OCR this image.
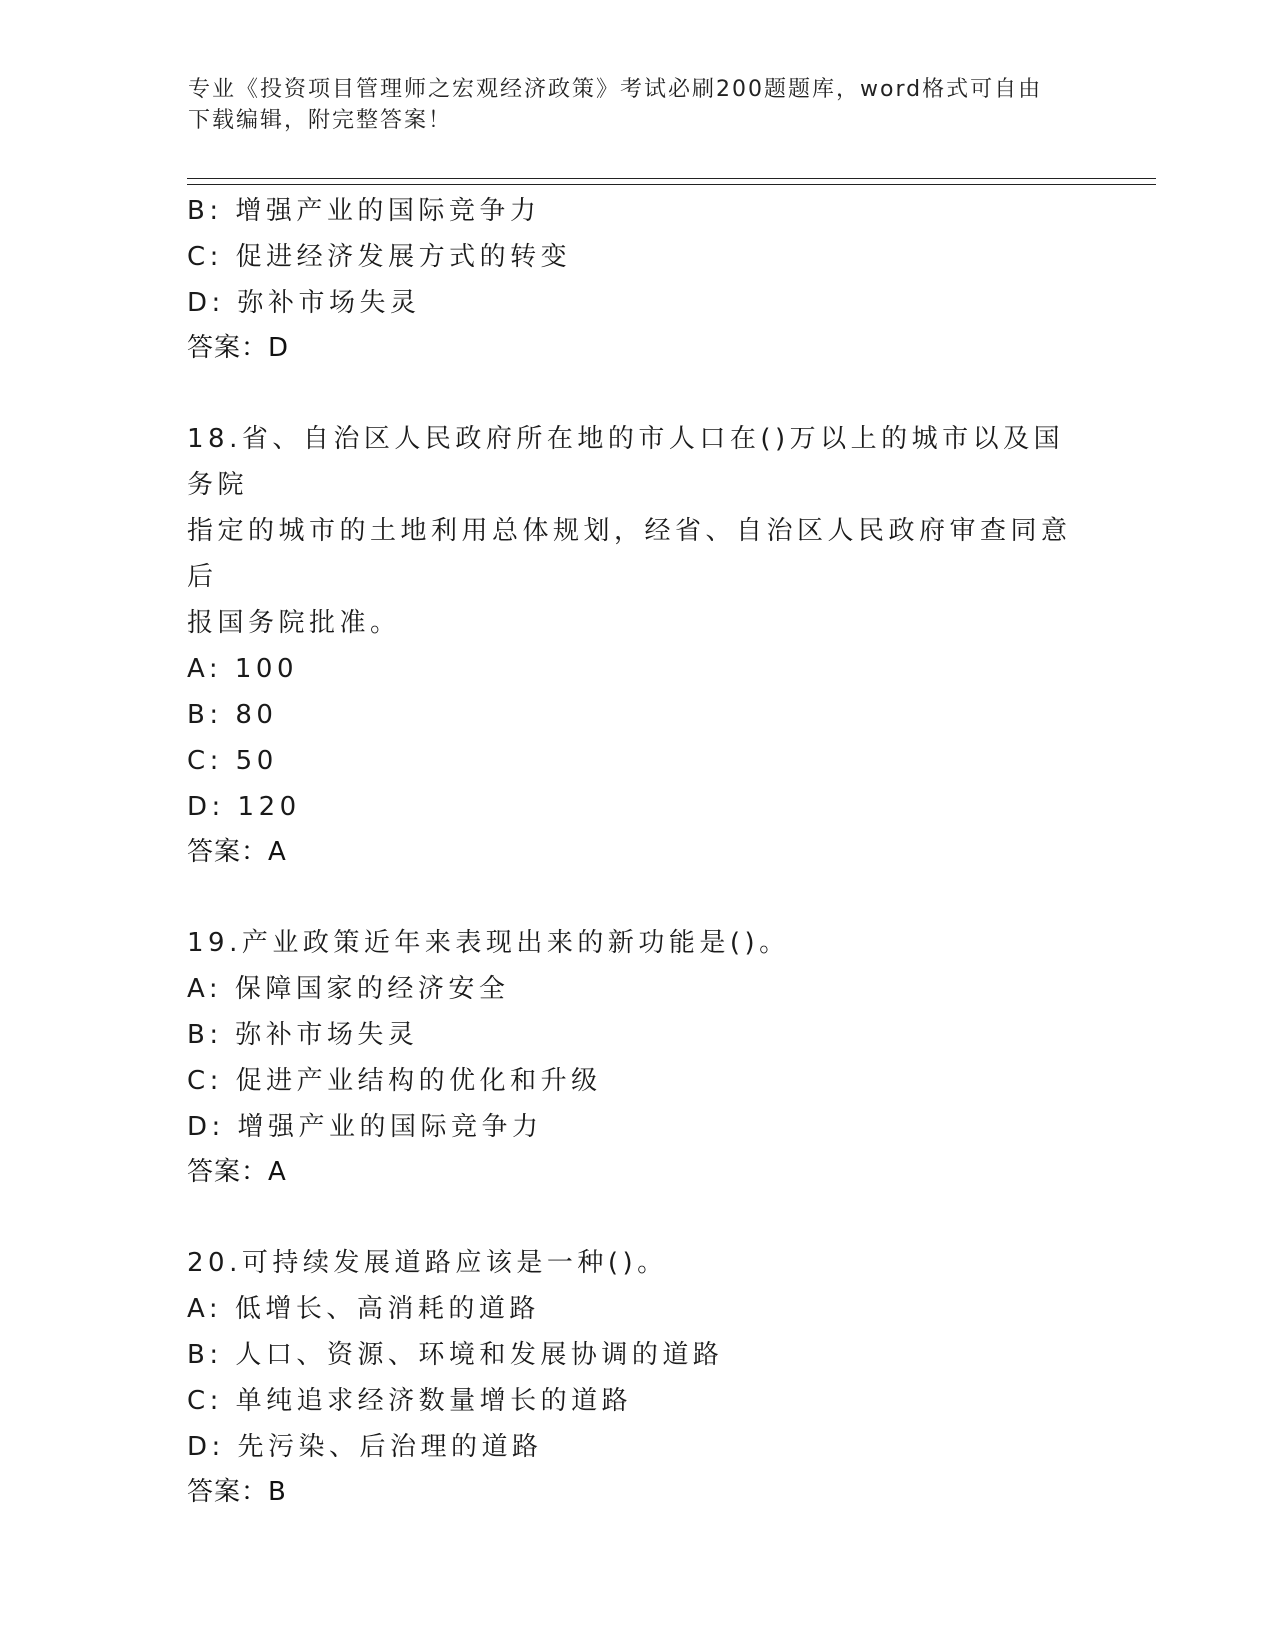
专业《投资项目管理师之宏观经济政策》考试必刷200题题库，word格式可自由
下载编辑，附完整答案！
B: 增强产业的国际竞争力
C: 促进经济发展方式的转变
D: 弥补市场失灵
答案：D
18.省、自治区人民政府所在地的市人口在()万以上的城市以及国务院
指定的城市的土地利用总体规划，经省、自治区人民政府审查同意后
报国务院批准。
A: 100
B: 80
C: 50
D: 120
答案：A
19.产业政策近年来表现出来的新功能是()。
A: 保障国家的经济安全
B: 弥补市场失灵
C: 促进产业结构的优化和升级
D: 增强产业的国际竞争力
答案：A
20.可持续发展道路应该是一种()。
A: 低增长、高消耗的道路
B: 人口、资源、环境和发展协调的道路
C: 单纯追求经济数量增长的道路
D: 先污染、后治理的道路
答案：B
